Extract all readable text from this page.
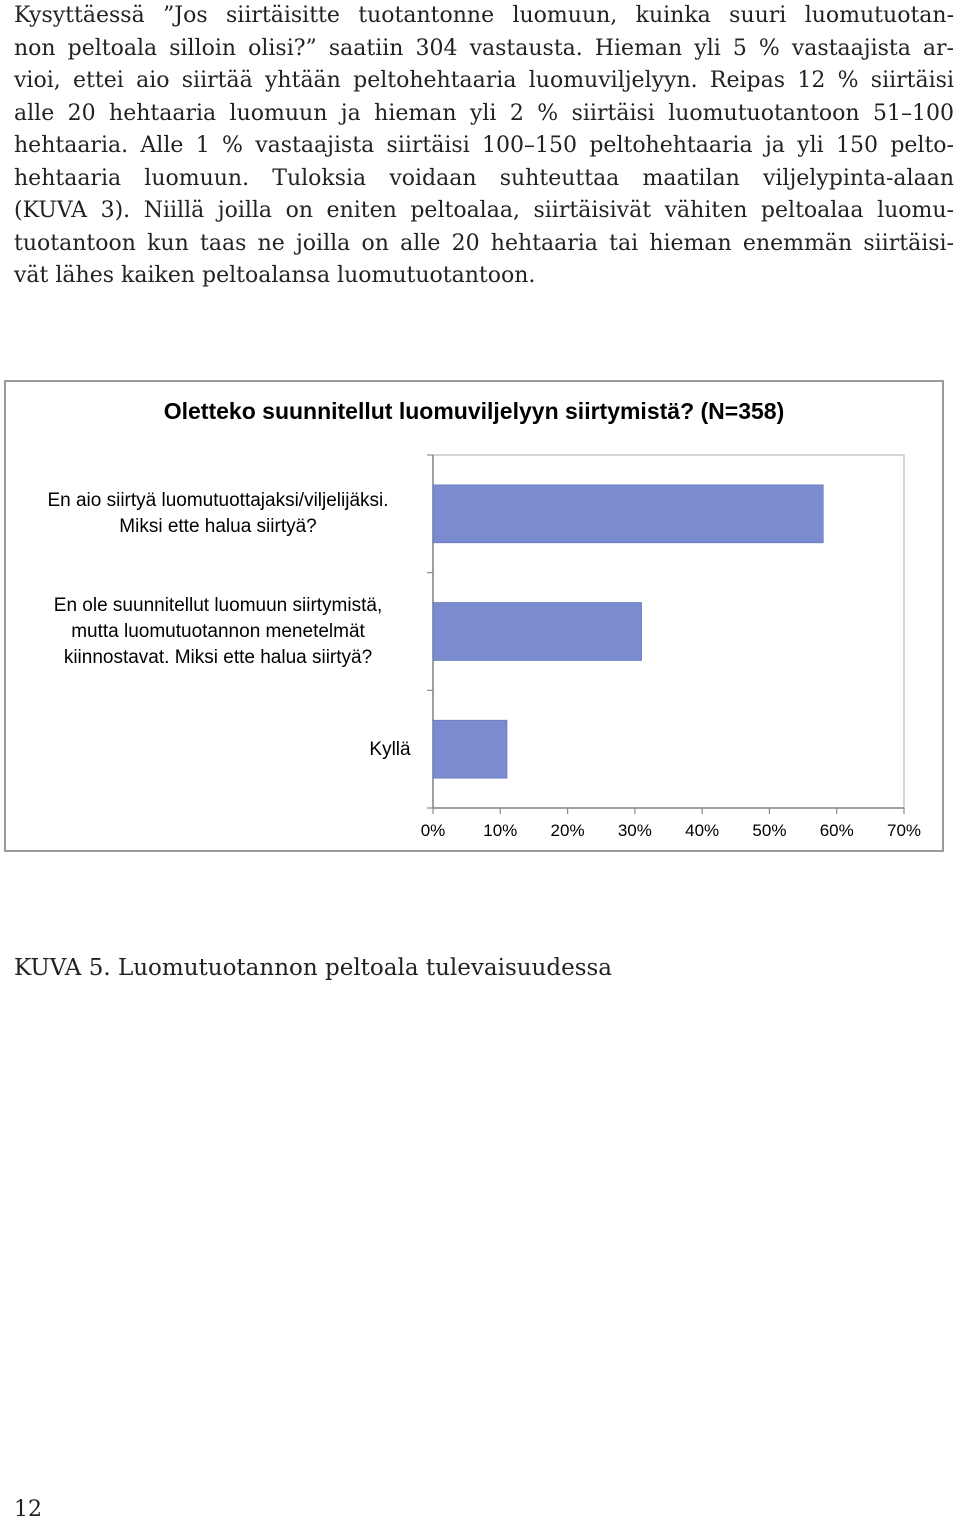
Kysyttäessä ”Jos siirtäisitte tuotantonne luomuun, kuinka suuri luomutuotan-
non peltoala silloin olisi?” saatiin 304 vastausta. Hieman yli 5 % vastaajista ar-
vioi, ettei aio siirtää yhtään peltohehtaaria luomuviljelyyn. Reipas 12 % siirtäisi
alle 20 hehtaaria luomuun ja hieman yli 2 % siirtäisi luomutuotantoon 51–100
hehtaaria. Alle 1 % vastaajista siirtäisi 100–150 peltohehtaaria ja yli 150 pelto-
hehtaaria luomuun. Tuloksia voidaan suhteuttaa maatilan viljelypinta-alaan
(KUVA 3). Niillä joilla on eniten peltoalaa, siirtäisivät vähiten peltoalaa luomu-
tuotantoon kun taas ne joilla on alle 20 hehtaaria tai hieman enemmän siirtäisi-
vät lähes kaiken peltoalansa luomutuotantoon.
Oletteko suunnitellut luomuviljelyyn siirtymistä? (N=358)
En aio siirtyä luomutuottajaksi/viljelijäksi.
Miksi ette halua siirtyä?
En ole suunnitellut luomuun siirtymistä,
mutta luomutuotannon menetelmät
kiinnostavat. Miksi ette halua siirtyä?
Kyllä
0% 10% 20% 30% 40% 50% 60% 70%
KUVA 5. Luomutuotannon peltoala tulevaisuudessa
12
